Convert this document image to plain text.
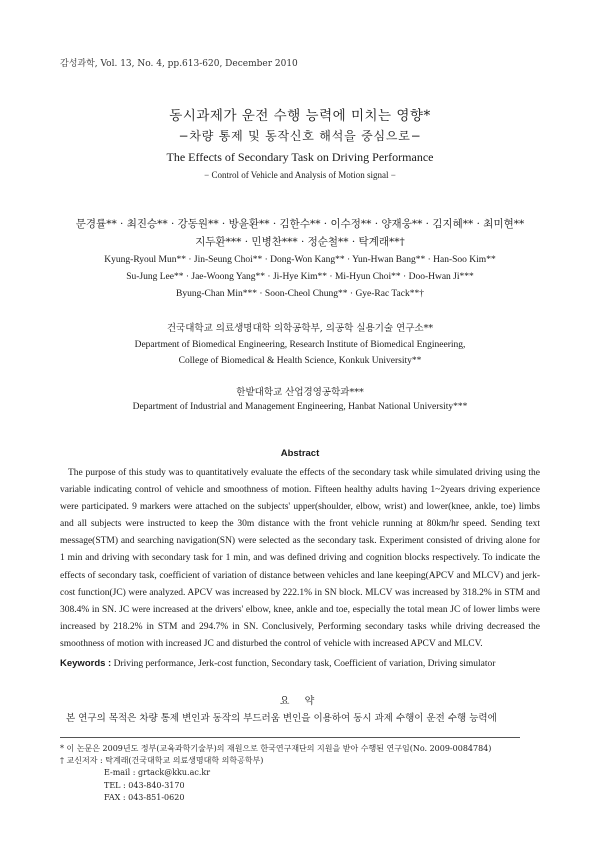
감성과학, Vol. 13, No. 4, pp.613-620, December 2010
동시과제가 운전 수행 능력에 미치는 영향*
−차량 통제 및 동작신호 해석을 중심으로−
The Effects of Secondary Task on Driving Performance
− Control of Vehicle and Analysis of Motion signal −
문경률** · 최진승** · 강동원** · 방윤환** · 김한수** · 이수정** · 양재웅** · 김지혜** · 최미현**
지두환*** · 민병찬*** · 정순철** · 탁계래**†
Kyung-Ryoul Mun** · Jin-Seung Choi** · Dong-Won Kang** · Yun-Hwan Bang** · Han-Soo Kim**
Su-Jung Lee** · Jae-Woong Yang** · Ji-Hye Kim** · Mi-Hyun Choi** · Doo-Hwan Ji***
Byung-Chan Min*** · Soon-Cheol Chung** · Gye-Rac Tack**†
건국대학교 의료생명대학 의학공학부, 의공학 실용기술 연구소**
Department of Biomedical Engineering, Research Institute of Biomedical Engineering,
College of Biomedical & Health Science, Konkuk University**
한밭대학교 산업경영공학과***
Department of Industrial and Management Engineering, Hanbat National University***
Abstract
The purpose of this study was to quantitatively evaluate the effects of the secondary task while simulated driving using the variable indicating control of vehicle and smoothness of motion. Fifteen healthy adults having 1~2years driving experience were participated. 9 markers were attached on the subjects' upper(shoulder, elbow, wrist) and lower(knee, ankle, toe) limbs and all subjects were instructed to keep the 30m distance with the front vehicle running at 80km/hr speed. Sending text message(STM) and searching navigation(SN) were selected as the secondary task. Experiment consisted of driving alone for 1 min and driving with secondary task for 1 min, and was defined driving and cognition blocks respectively. To indicate the effects of secondary task, coefficient of variation of distance between vehicles and lane keeping(APCV and MLCV) and jerk-cost function(JC) were analyzed. APCV was increased by 222.1% in SN block. MLCV was increased by 318.2% in STM and 308.4% in SN. JC were increased at the drivers' elbow, knee, ankle and toe, especially the total mean JC of lower limbs were increased by 218.2% in STM and 294.7% in SN. Conclusively, Performing secondary tasks while driving decreased the smoothness of motion with increased JC and disturbed the control of vehicle with increased APCV and MLCV.
Keywords : Driving performance, Jerk-cost function, Secondary task, Coefficient of variation, Driving simulator
요 약
본 연구의 목적은 차량 통제 변인과 동작의 부드러움 변인을 이용하여 동시 과제 수행이 운전 수행 능력에
* 이 논문은 2009년도 정부(교육과학기술부)의 재원으로 한국연구재단의 지원을 받아 수행된 연구임(No. 2009-0084784)
† 교신저자 : 탁계래(건국대학교 의료생명대학 의학공학부)
E-mail : grtack@kku.ac.kr
TEL : 043-840-3170
FAX : 043-851-0620
